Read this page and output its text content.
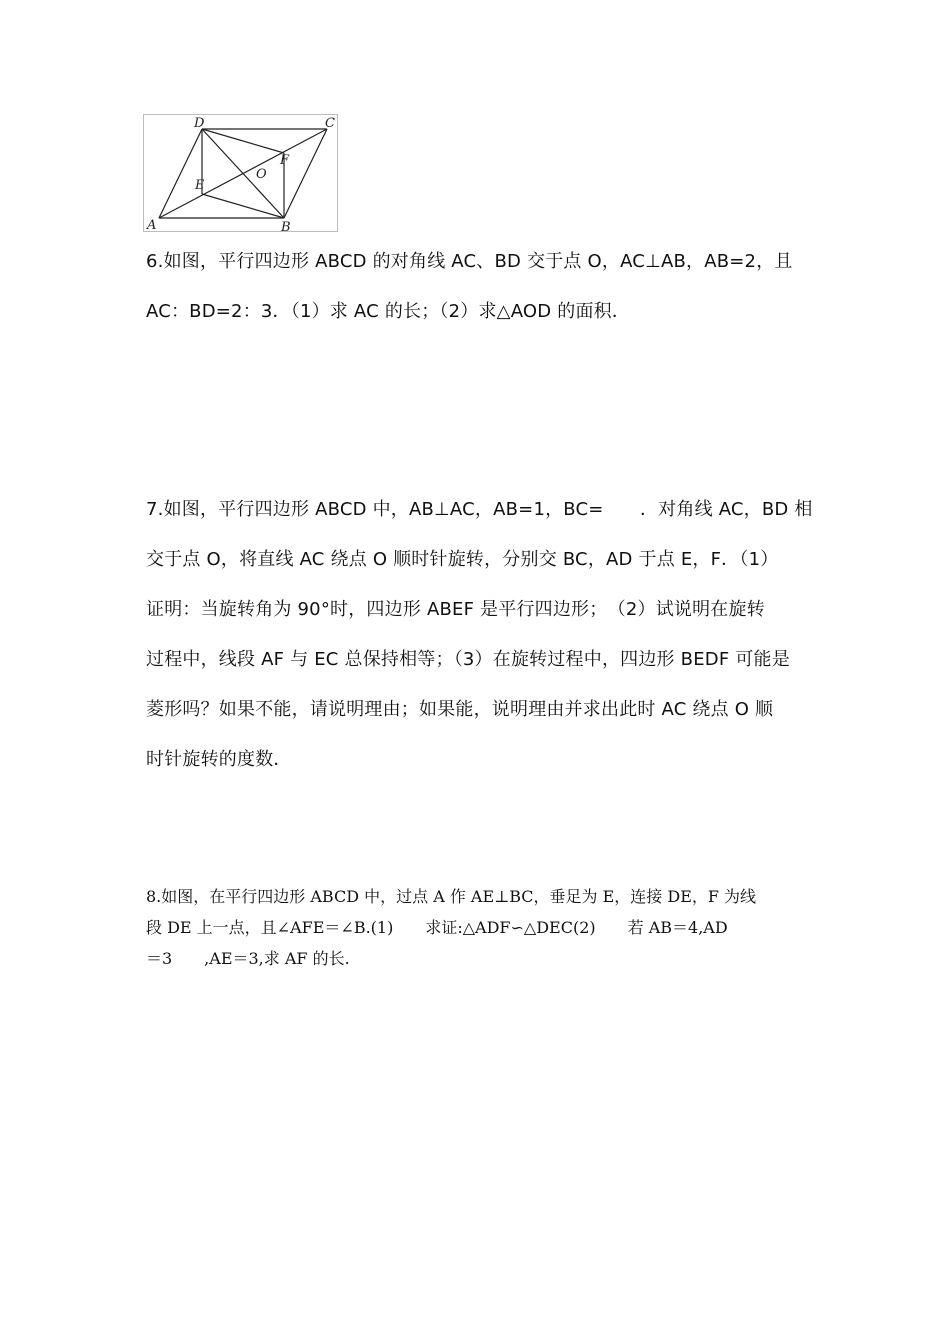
D	C
A	B
E
O
F
6.如图，平行四边形 ABCD 的对角线 AC、BD 交于点 O，AC⊥AB，AB=2，且
AC：BD=2：3．（1）求 AC 的长；（2）求△AOD 的面积．
7.如图，平行四边形 ABCD 中，AB⊥AC，AB=1，BC=　　．对角线 AC，BD 相
交于点 O，将直线 AC 绕点 O 顺时针旋转，分别交 BC，AD 于点 E，F．（1）
证明：当旋转角为 90°时，四边形 ABEF 是平行四边形；　（2）试说明在旋转
过程中，线段 AF 与 EC 总保持相等；（3）在旋转过程中，四边形 BEDF 可能是
菱形吗？如果不能，请说明理由；如果能，说明理由并求出此时 AC 绕点 O 顺
时针旋转的度数．
8.如图，在平行四边形 ABCD 中，过点 A 作 AE⊥BC，垂足为 E，连接 DE，F 为线
段 DE 上一点，且∠AFE＝∠B.(1)　　求证:△ADF∽△DEC(2)　　若 AB＝4,AD
＝3　　,AE＝3,求 AF 的长.
